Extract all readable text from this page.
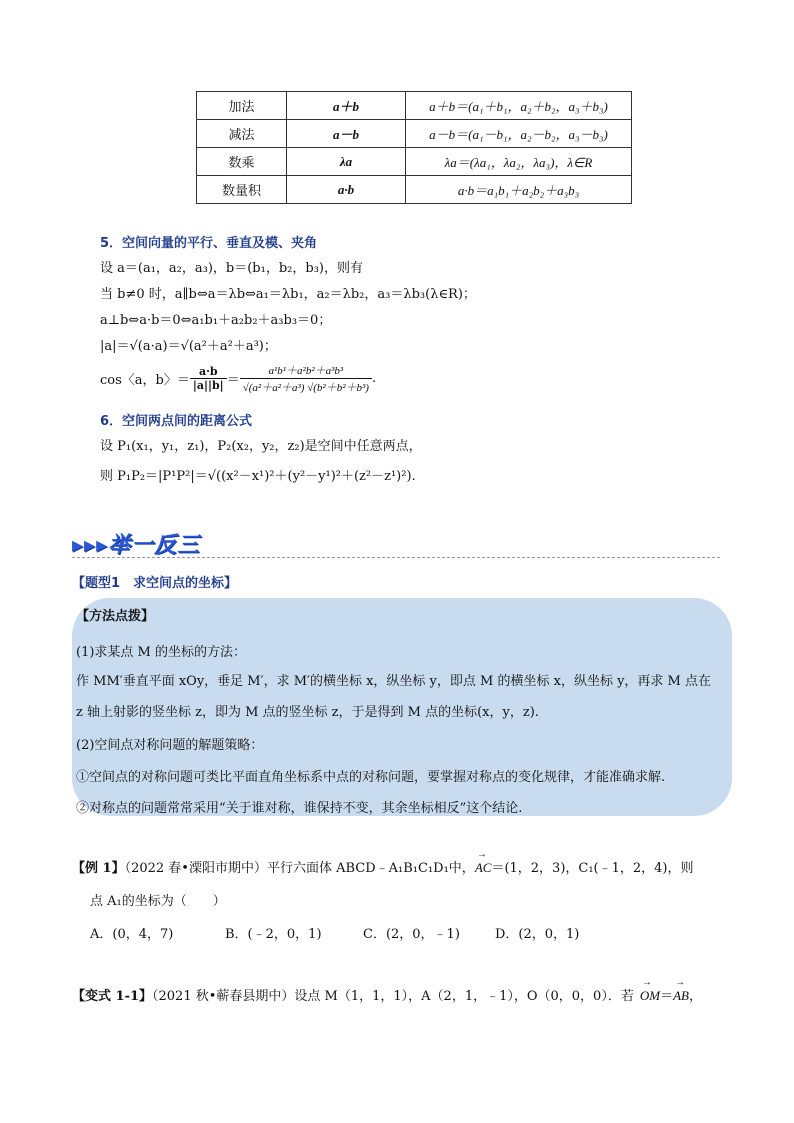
加法	a＋b	a＋b＝(a₁＋b₁，a₂＋b₂，a₃＋b₃)
减法	a－b	a－b＝(a₁－b₁，a₂－b₂，a₃－b₃)
数乘	λa	λa＝(λa₁，λa₂，λa₃)，λ∈R
数量积	a·b	a·b＝a₁b₁＋a₂b₂＋a₃b₃
5．空间向量的平行、垂直及模、夹角
设 a＝(a₁，a₂，a₃)，b＝(b₁，b₂，b₃)，则有
当 b≠0 时，a∥b⇔a＝λb⇔a₁＝λb₁，a₂＝λb₂，a₃＝λb₃(λ∈R)；
a⊥b⇔a·b＝0⇔a₁b₁＋a₂b₂＋a₃b₃＝0；
|a|＝√(a·a)＝√(a²＋a²＋a³)；
cos〈a，b〉＝ $\frac{a\cdot b}{|a||b|} = \frac{\text{a¹b¹＋a²b²＋a³b³}}{\text{√(a²＋a²＋a³) √(b²＋b²＋b³)}}$ .
6．空间两点间的距离公式
设 P₁(x₁，y₁，z₁)，P₂(x₂，y₂，z₂)是空间中任意两点，
则 P₁P₂＝|P¹P²|＝√((x²－x¹)²＋(y²－y¹)²＋(z²－z¹)²).
▸▸▸举一反三
【题型1　求空间点的坐标】
【方法点拨】
(1)求某点 M 的坐标的方法：
作 MM′垂直平面 xOy，垂足 M′，求 M′的横坐标 x，纵坐标 y，即点 M 的横坐标 x，纵坐标 y，再求 M 点在
z 轴上射影的竖坐标 z，即为 M 点的竖坐标 z，于是得到 M 点的坐标(x，y，z).
(2)空间点对称问题的解题策略：
①空间点的对称问题可类比平面直角坐标系中点的对称问题，要掌握对称点的变化规律，才能准确求解.
②对称点的问题常常采用“关于谁对称，谁保持不变，其余坐标相反”这个结论.
【例 1】（2022 春•溧阳市期中）平行六面体 ABCD﹣A₁B₁C₁D₁中，→ AC＝(1，2，3)，C₁(﹣1，2，4)，则
点 A₁的坐标为（　　）
A．(0，4，7)	B．(﹣2，0，1)	C．(2，0，﹣1)	D．(2，0，1)
【变式 1-1】（2021 秋•蕲春县期中）设点 M（1，1，1），A（2，1，﹣1），O（0，0，0）．若 → OM＝→ AB，
